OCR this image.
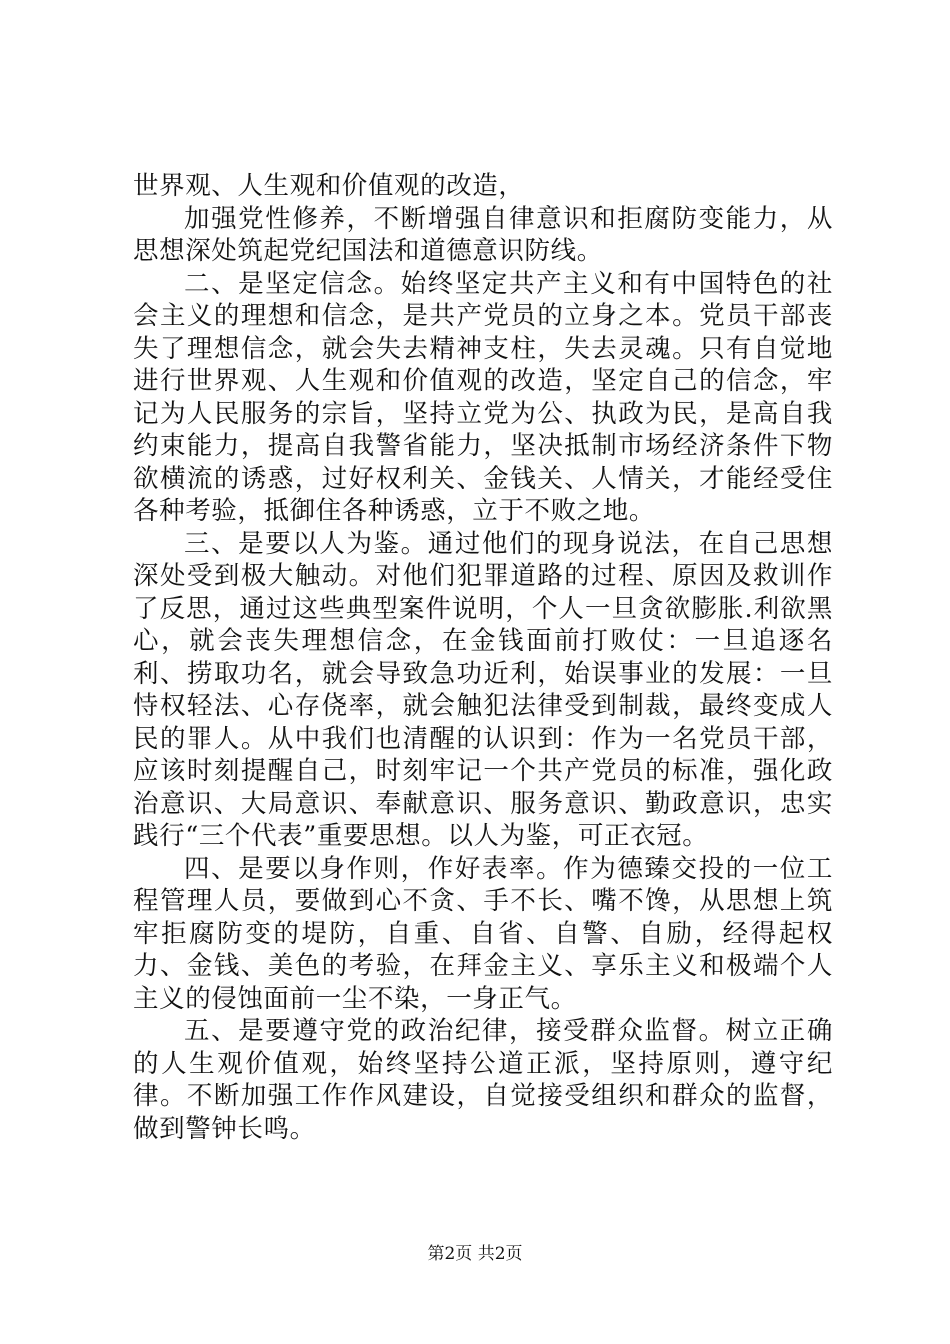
世界观、人生观和价值观的改造，

加强党性修养，不断增强自律意识和拒腐防变能力，从思想深处筑起党纪国法和道德意识防线。

二、是坚定信念。始终坚定共产主义和有中国特色的社会主义的理想和信念，是共产党员的立身之本。党员干部丧失了理想信念，就会失去精神支柱，失去灵魂。只有自觉地进行世界观、人生观和价值观的改造，坚定自己的信念，牢记为人民服务的宗旨，坚持立党为公、执政为民，是高自我约束能力，提高自我警省能力，坚决抵制市场经济条件下物欲横流的诱惑，过好权利关、金钱关、人情关，才能经受住各种考验，抵御住各种诱惑，立于不败之地。

三、是要以人为鉴。通过他们的现身说法，在自己思想深处受到极大触动。对他们犯罪道路的过程、原因及救训作了反思，通过这些典型案件说明，个人一旦贪欲膨胀.利欲黑心，就会丧失理想信念，在金钱面前打败仗：一旦追逐名利、捞取功名，就会导致急功近利，始误事业的发展：一旦恃权轻法、心存侥率，就会触犯法律受到制裁，最终变成人民的罪人。从中我们也清醒的认识到：作为一名党员干部，应该时刻提醒自己，时刻牢记一个共产党员的标准，强化政治意识、大局意识、奉献意识、服务意识、勤政意识，忠实践行“三个代表”重要思想。以人为鉴，可正衣冠。

四、是要以身作则，作好表率。作为德臻交投的一位工程管理人员，要做到心不贪、手不长、嘴不馋，从思想上筑牢拒腐防变的堤防，自重、自省、自警、自励，经得起权力、金钱、美色的考验，在拜金主义、享乐主义和极端个人主义的侵蚀面前一尘不染，一身正气。

五、是要遵守党的政治纪律，接受群众监督。树立正确的人生观价值观，始终坚持公道正派，坚持原则，遵守纪律。不断加强工作作风建设，自觉接受组织和群众的监督，做到警钟长鸣。

第2页 共2页
